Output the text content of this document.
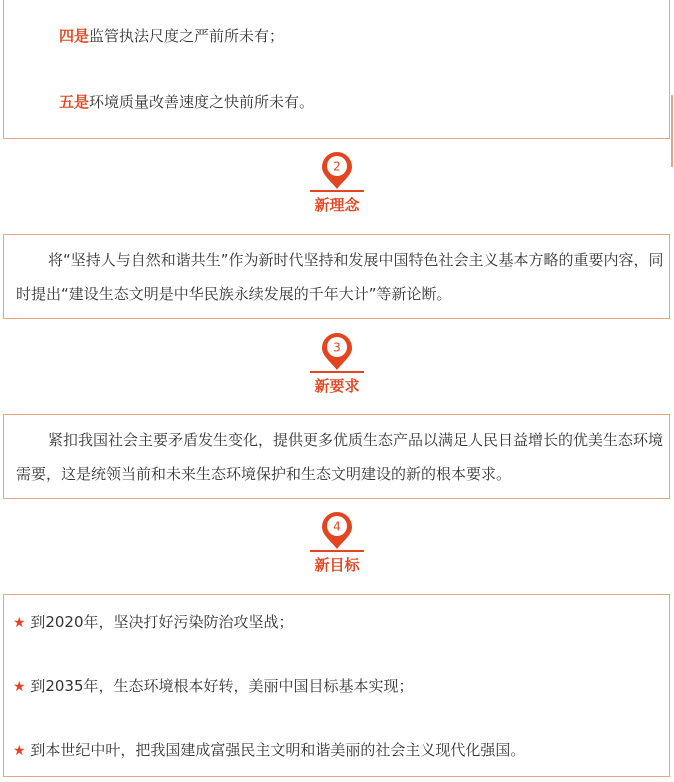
四是监管执法尺度之严前所未有；
五是环境质量改善速度之快前所未有。
2
新理念
将“坚持人与自然和谐共生”作为新时代坚持和发展中国特色社会主义基本方略的重要内容，同时提出“建设生态文明是中华民族永续发展的千年大计”等新论断。
3
新要求
紧扣我国社会主要矛盾发生变化，提供更多优质生态产品以满足人民日益增长的优美生态环境需要，这是统领当前和未来生态环境保护和生态文明建设的新的根本要求。
4
新目标
★ 到2020年，坚决打好污染防治攻坚战；
★ 到2035年，生态环境根本好转，美丽中国目标基本实现；
★ 到本世纪中叶，把我国建成富强民主文明和谐美丽的社会主义现代化强国。
